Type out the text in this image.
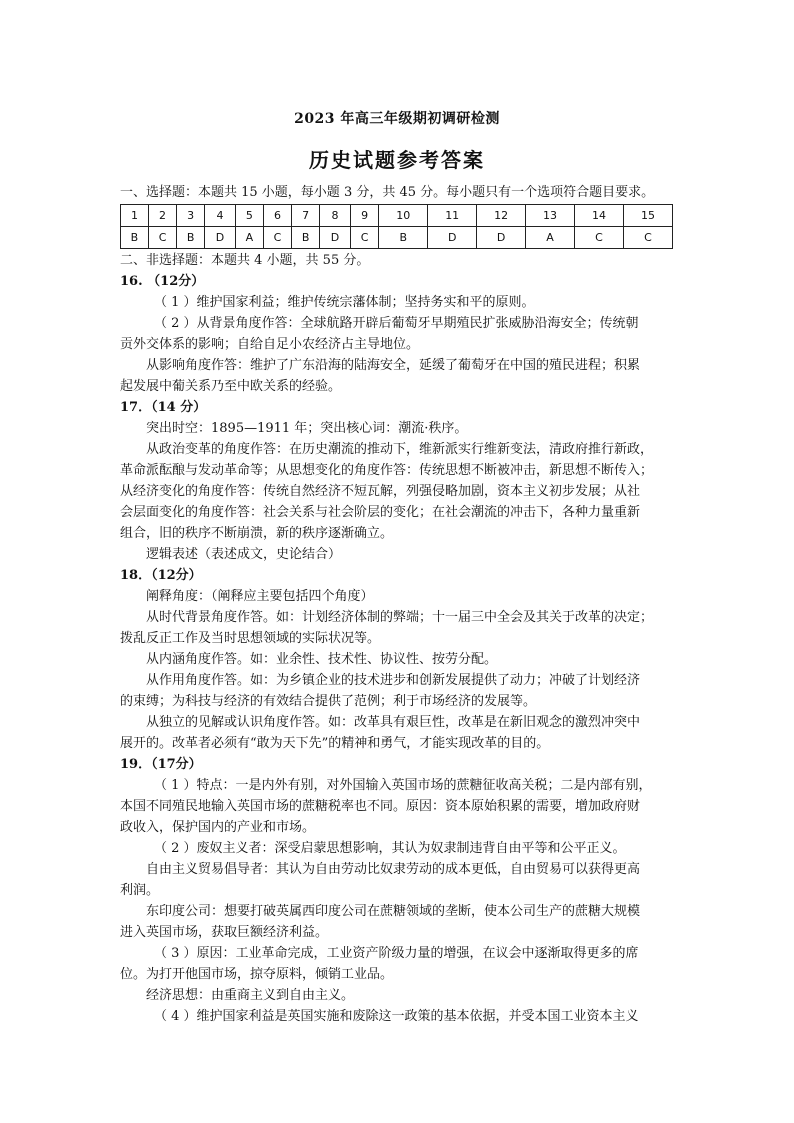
2023 年高三年级期初调研检测
历史试题参考答案
一、选择题：本题共 15 小题，每小题 3 分，共 45 分。每小题只有一个选项符合题目要求。
1	2	3	4	5	6	7	8	9	10	11	12	13	14	15
B	C	B	D	A	C	B	D	C	B	D	D	A	C	C
二、非选择题：本题共 4 小题，共 55 分。
16. （12分）
（ 1 ）维护国家利益；维护传统宗藩体制；坚持务实和平的原则。
（ 2 ）从背景角度作答：全球航路开辟后葡萄牙早期殖民扩张威胁沿海安全；传统朝
贡外交体系的影响；自给自足小农经济占主导地位。
从影响角度作答：维护了广东沿海的陆海安全，延缓了葡萄牙在中国的殖民进程；积累
起发展中葡关系乃至中欧关系的经验。
17．（14 分）
突出时空：1895—1911 年；突出核心词：潮流·秩序。
从政治变革的角度作答：在历史潮流的推动下，维新派实行维新变法，清政府推行新政，
革命派酝酿与发动革命等；从思想变化的角度作答：传统思想不断被冲击，新思想不断传入；
从经济变化的角度作答：传统自然经济不短瓦解，列强侵略加剧，资本主义初步发展；从社
会层面变化的角度作答：社会关系与社会阶层的变化；在社会潮流的冲击下，各种力量重新
组合，旧的秩序不断崩溃，新的秩序逐渐确立。
逻辑表述（表述成文，史论结合）
18．（12分）
阐释角度：（阐释应主要包括四个角度）
从时代背景角度作答。如：计划经济体制的弊端；十一届三中全会及其关于改革的决定；
拨乱反正工作及当时思想领域的实际状况等。
从内涵角度作答。如：业余性、技术性、协议性、按劳分配。
从作用角度作答。如：为乡镇企业的技术进步和创新发展提供了动力；冲破了计划经济
的束缚；为科技与经济的有效结合提供了范例；利于市场经济的发展等。
从独立的见解或认识角度作答。如：改革具有艰巨性，改革是在新旧观念的激烈冲突中
展开的。改革者必须有“敢为天下先”的精神和勇气，才能实现改革的目的。
19．（17分）
（ 1 ）特点：一是内外有别，对外国输入英国市场的蔗糖征收高关税；二是内部有别，
本国不同殖民地输入英国市场的蔗糖税率也不同。原因：资本原始积累的需要，增加政府财
政收入，保护国内的产业和市场。
（ 2 ）废奴主义者：深受启蒙思想影响，其认为奴隶制违背自由平等和公平正义。
自由主义贸易倡导者：其认为自由劳动比奴隶劳动的成本更低，自由贸易可以获得更高
利润。
东印度公司：想要打破英属西印度公司在蔗糖领域的垄断，使本公司生产的蔗糖大规模
进入英国市场，获取巨额经济利益。
（ 3 ）原因：工业革命完成，工业资产阶级力量的增强，在议会中逐渐取得更多的席
位。为打开他国市场，掠夺原料，倾销工业品。
经济思想：由重商主义到自由主义。
（ 4 ）维护国家利益是英国实施和废除这一政策的基本依据，并受本国工业资本主义
